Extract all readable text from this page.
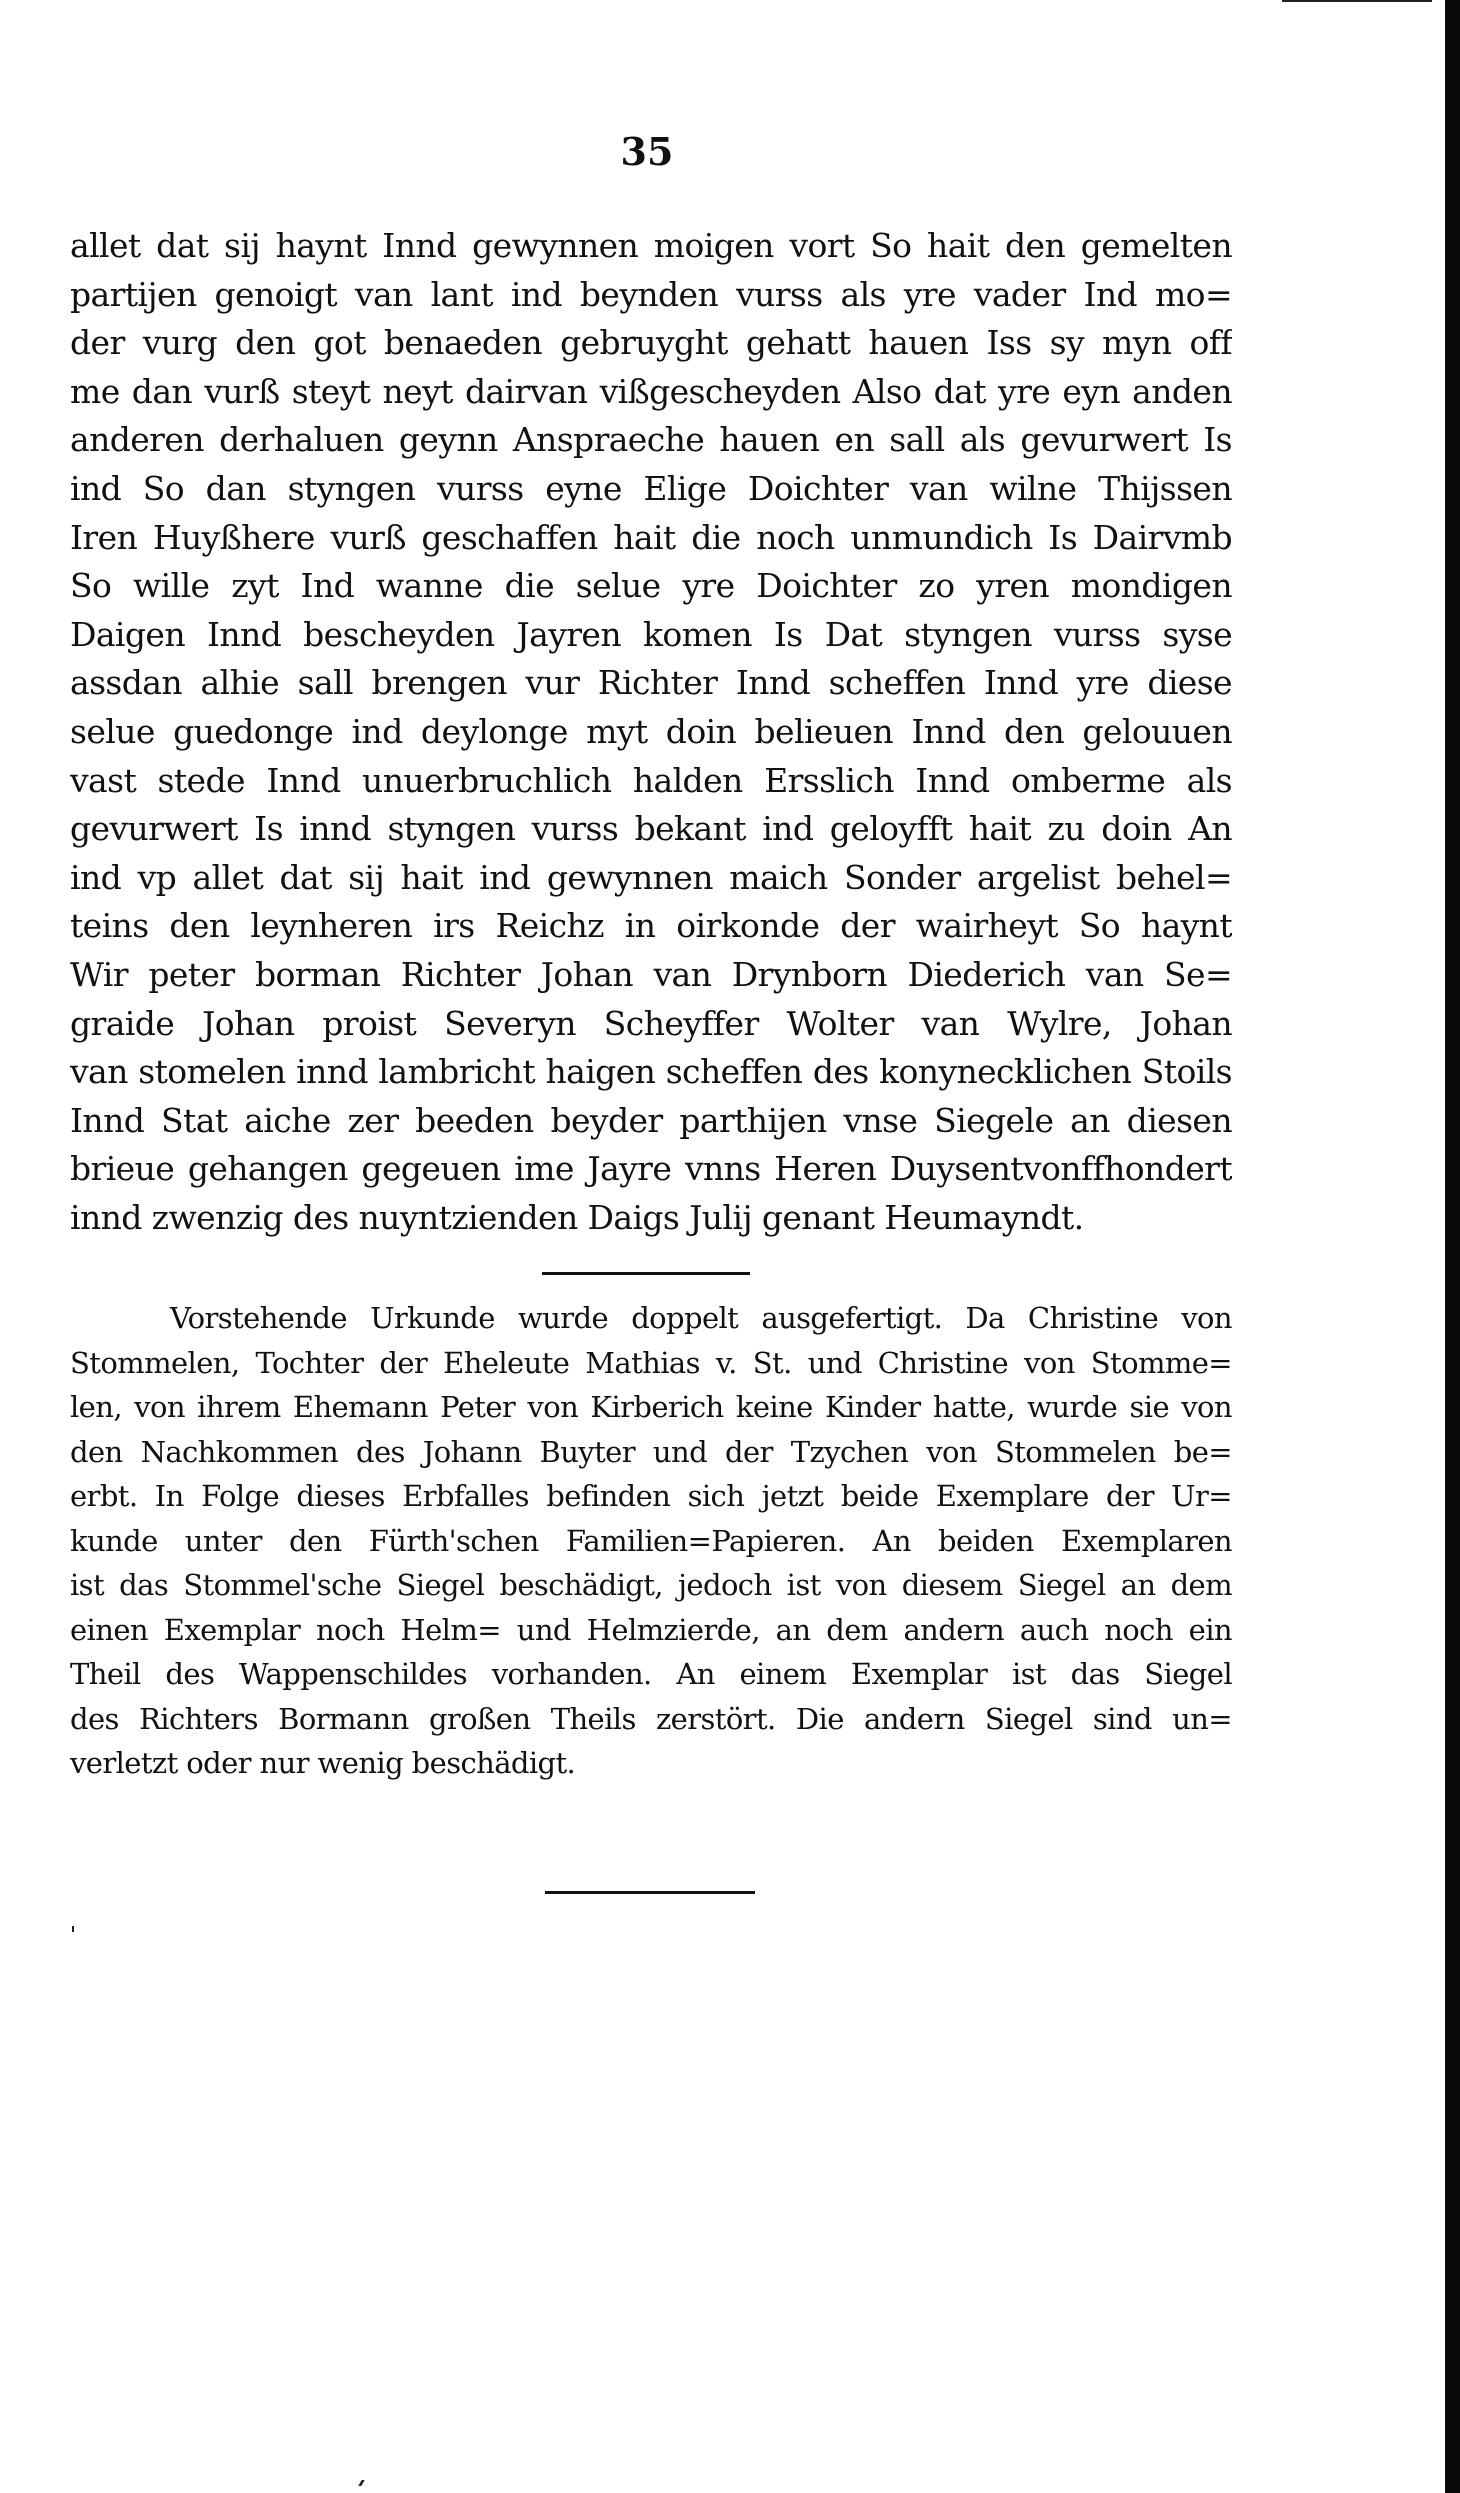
35
allet dat sij haynt Innd gewynnen moigen vort So hait den gemelten
partijen genoigt van lant ind beynden vurss als yre vader Ind mo=
der vurg den got benaeden gebruyght gehatt hauen Iss sy myn off
me dan vurß steyt neyt dairvan vißgescheyden Also dat yre eyn anden
anderen derhaluen geynn Anspraeche hauen en sall als gevurwert Is
ind So dan styngen vurss eyne Elige Doichter van wilne Thijssen
Iren Huyßhere vurß geschaffen hait die noch unmundich Is Dairvmb
So wille zyt Ind wanne die selue yre Doichter zo yren mondigen
Daigen Innd bescheyden Jayren komen Is Dat styngen vurss syse
assdan alhie sall brengen vur Richter Innd scheffen Innd yre diese
selue guedonge ind deylonge myt doin belieuen Innd den gelouuen
vast stede Innd unuerbruchlich halden Ersslich Innd omberme als
gevurwert Is innd styngen vurss bekant ind geloyfft hait zu doin An
ind vp allet dat sij hait ind gewynnen maich Sonder argelist behel=
teins den leynheren irs Reichz in oirkonde der wairheyt So haynt
Wir peter borman Richter Johan van Drynborn Diederich van Se=
graide Johan proist Severyn Scheyffer Wolter van Wylre, Johan
van stomelen innd lambricht haigen scheffen des konynecklichen Stoils
Innd Stat aiche zer beeden beyder parthijen vnse Siegele an diesen
brieue gehangen gegeuen ime Jayre vnns Heren Duysentvonffhondert
innd zwenzig des nuyntzienden Daigs Julij genant Heumayndt.
Vorstehende Urkunde wurde doppelt ausgefertigt. Da Christine von
Stommelen, Tochter der Eheleute Mathias v. St. und Christine von Stomme=
len, von ihrem Ehemann Peter von Kirberich keine Kinder hatte, wurde sie von
den Nachkommen des Johann Buyter und der Tzychen von Stommelen be=
erbt. In Folge dieses Erbfalles befinden sich jetzt beide Exemplare der Ur=
kunde unter den Fürth'schen Familien=Papieren. An beiden Exemplaren
ist das Stommel'sche Siegel beschädigt, jedoch ist von diesem Siegel an dem
einen Exemplar noch Helm= und Helmzierde, an dem andern auch noch ein
Theil des Wappenschildes vorhanden. An einem Exemplar ist das Siegel
des Richters Bormann großen Theils zerstört. Die andern Siegel sind un=
verletzt oder nur wenig beschädigt.
